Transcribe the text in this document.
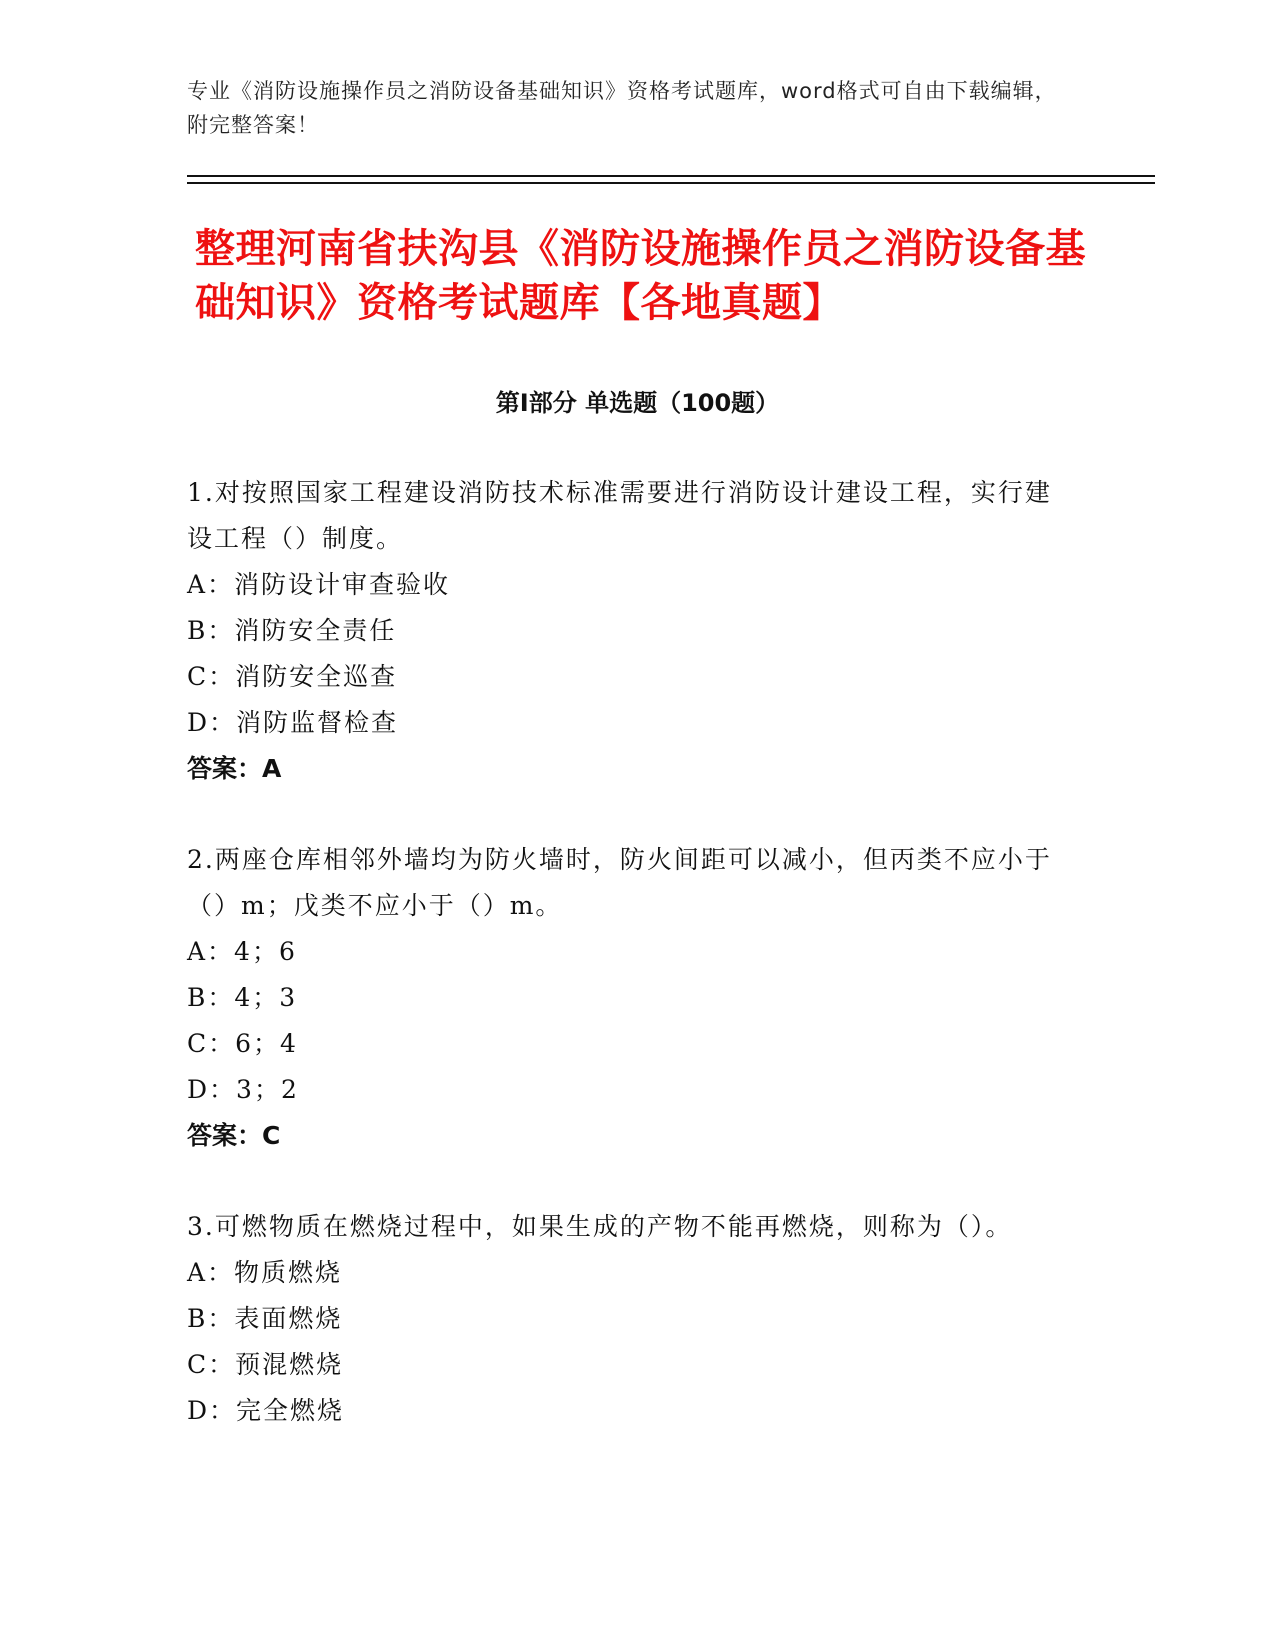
专业《消防设施操作员之消防设备基础知识》资格考试题库，word格式可自由下载编辑，附完整答案！
整理河南省扶沟县《消防设施操作员之消防设备基础知识》资格考试题库【各地真题】
第Ⅰ部分 单选题（100题）
1.对按照国家工程建设消防技术标准需要进行消防设计建设工程，实行建设工程（）制度。
A：消防设计审查验收
B：消防安全责任
C：消防安全巡查
D：消防监督检查
答案：A
2.两座仓库相邻外墙均为防火墙时，防火间距可以减小，但丙类不应小于（）m；戊类不应小于（）m。
A：4；6
B：4；3
C：6；4
D：3；2
答案：C
3.可燃物质在燃烧过程中，如果生成的产物不能再燃烧，则称为（）。
A：物质燃烧
B：表面燃烧
C：预混燃烧
D：完全燃烧
